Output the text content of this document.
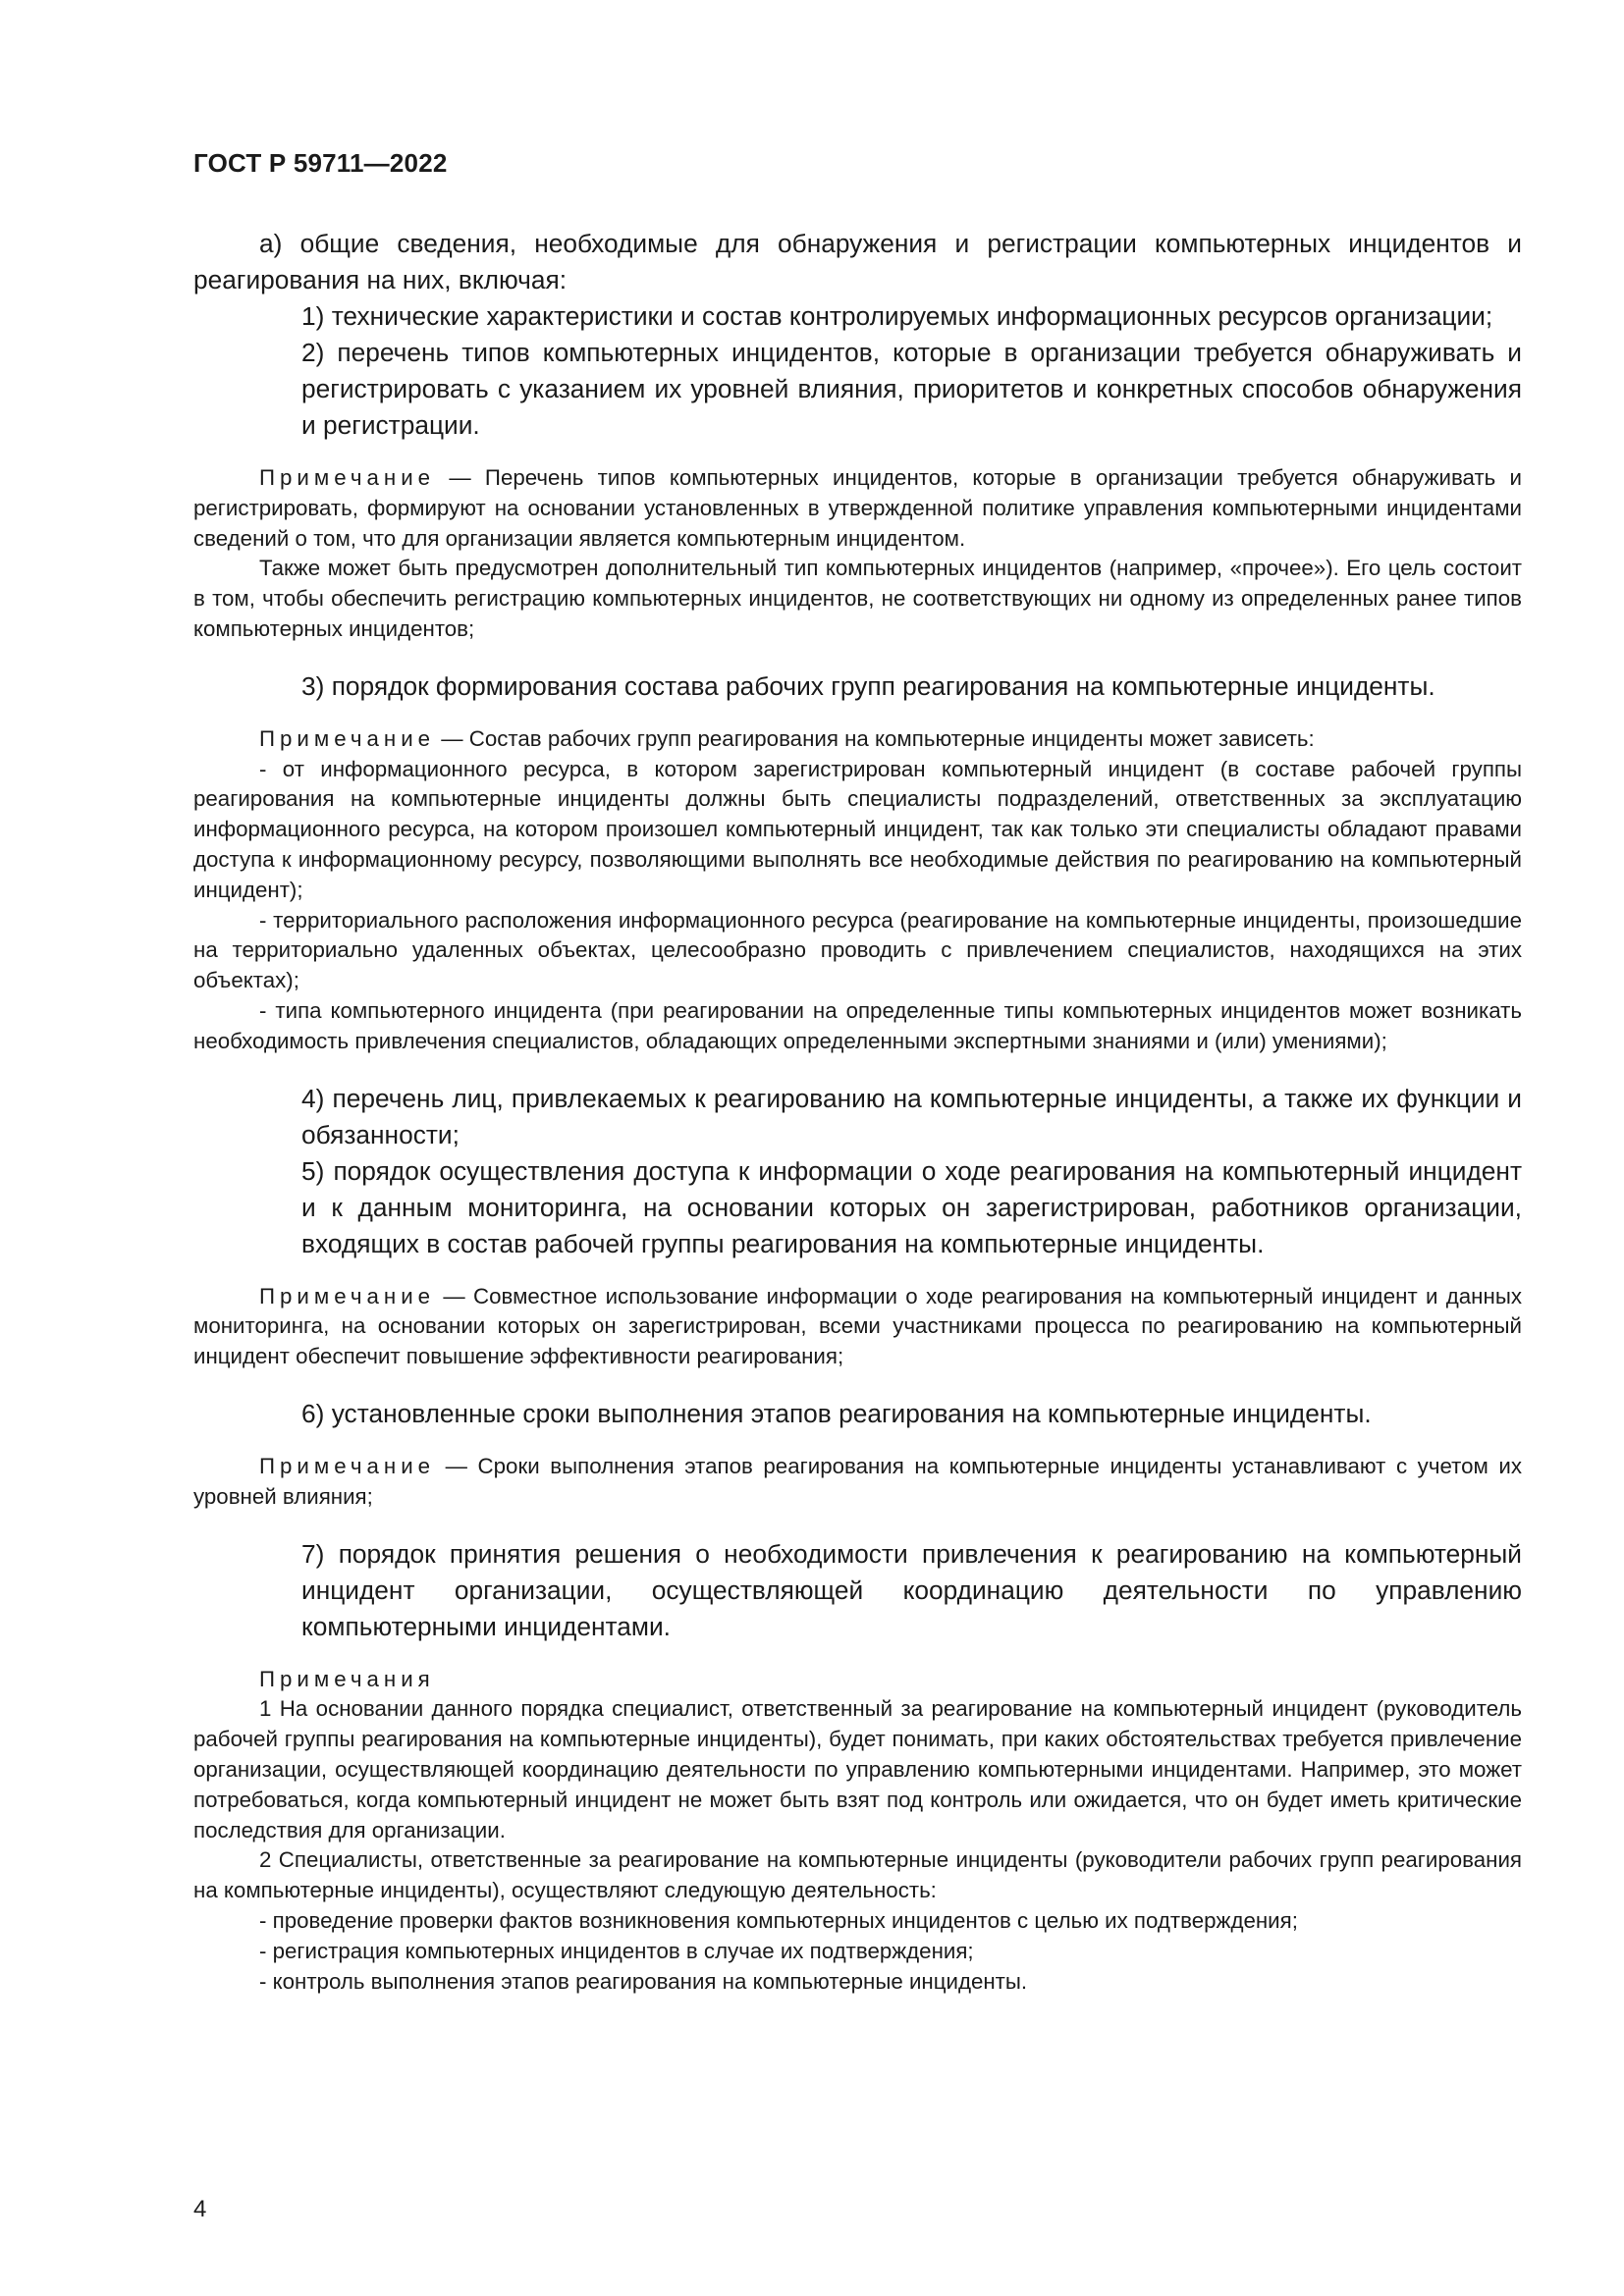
ГОСТ Р 59711—2022

а) общие сведения, необходимые для обнаружения и регистрации компьютерных инцидентов и реагирования на них, включая:

1) технические характеристики и состав контролируемых информационных ресурсов организации;

2) перечень типов компьютерных инцидентов, которые в организации требуется обнаруживать и регистрировать с указанием их уровней влияния, приоритетов и конкретных способов обнаружения и регистрации.

Примечание — Перечень типов компьютерных инцидентов, которые в организации требуется обнаруживать и регистрировать, формируют на основании установленных в утвержденной политике управления компьютерными инцидентами сведений о том, что для организации является компьютерным инцидентом.

Также может быть предусмотрен дополнительный тип компьютерных инцидентов (например, «прочее»). Его цель состоит в том, чтобы обеспечить регистрацию компьютерных инцидентов, не соответствующих ни одному из определенных ранее типов компьютерных инцидентов;

3) порядок формирования состава рабочих групп реагирования на компьютерные инциденты.

Примечание — Состав рабочих групп реагирования на компьютерные инциденты может зависеть:

- от информационного ресурса, в котором зарегистрирован компьютерный инцидент (в составе рабочей группы реагирования на компьютерные инциденты должны быть специалисты подразделений, ответственных за эксплуатацию информационного ресурса, на котором произошел компьютерный инцидент, так как только эти специалисты обладают правами доступа к информационному ресурсу, позволяющими выполнять все необходимые действия по реагированию на компьютерный инцидент);

- территориального расположения информационного ресурса (реагирование на компьютерные инциденты, произошедшие на территориально удаленных объектах, целесообразно проводить с привлечением специалистов, находящихся на этих объектах);

- типа компьютерного инцидента (при реагировании на определенные типы компьютерных инцидентов может возникать необходимость привлечения специалистов, обладающих определенными экспертными знаниями и (или) умениями);

4) перечень лиц, привлекаемых к реагированию на компьютерные инциденты, а также их функции и обязанности;

5) порядок осуществления доступа к информации о ходе реагирования на компьютерный инцидент и к данным мониторинга, на основании которых он зарегистрирован, работников организации, входящих в состав рабочей группы реагирования на компьютерные инциденты.

Примечание — Совместное использование информации о ходе реагирования на компьютерный инцидент и данных мониторинга, на основании которых он зарегистрирован, всеми участниками процесса по реагированию на компьютерный инцидент обеспечит повышение эффективности реагирования;

6) установленные сроки выполнения этапов реагирования на компьютерные инциденты.

Примечание — Сроки выполнения этапов реагирования на компьютерные инциденты устанавливают с учетом их уровней влияния;

7) порядок принятия решения о необходимости привлечения к реагированию на компьютерный инцидент организации, осуществляющей координацию деятельности по управлению компьютерными инцидентами.

Примечания

1 На основании данного порядка специалист, ответственный за реагирование на компьютерный инцидент (руководитель рабочей группы реагирования на компьютерные инциденты), будет понимать, при каких обстоятельствах требуется привлечение организации, осуществляющей координацию деятельности по управлению компьютерными инцидентами. Например, это может потребоваться, когда компьютерный инцидент не может быть взят под контроль или ожидается, что он будет иметь критические последствия для организации.

2 Специалисты, ответственные за реагирование на компьютерные инциденты (руководители рабочих групп реагирования на компьютерные инциденты), осуществляют следующую деятельность:

- проведение проверки фактов возникновения компьютерных инцидентов с целью их подтверждения;

- регистрация компьютерных инцидентов в случае их подтверждения;

- контроль выполнения этапов реагирования на компьютерные инциденты.

4
